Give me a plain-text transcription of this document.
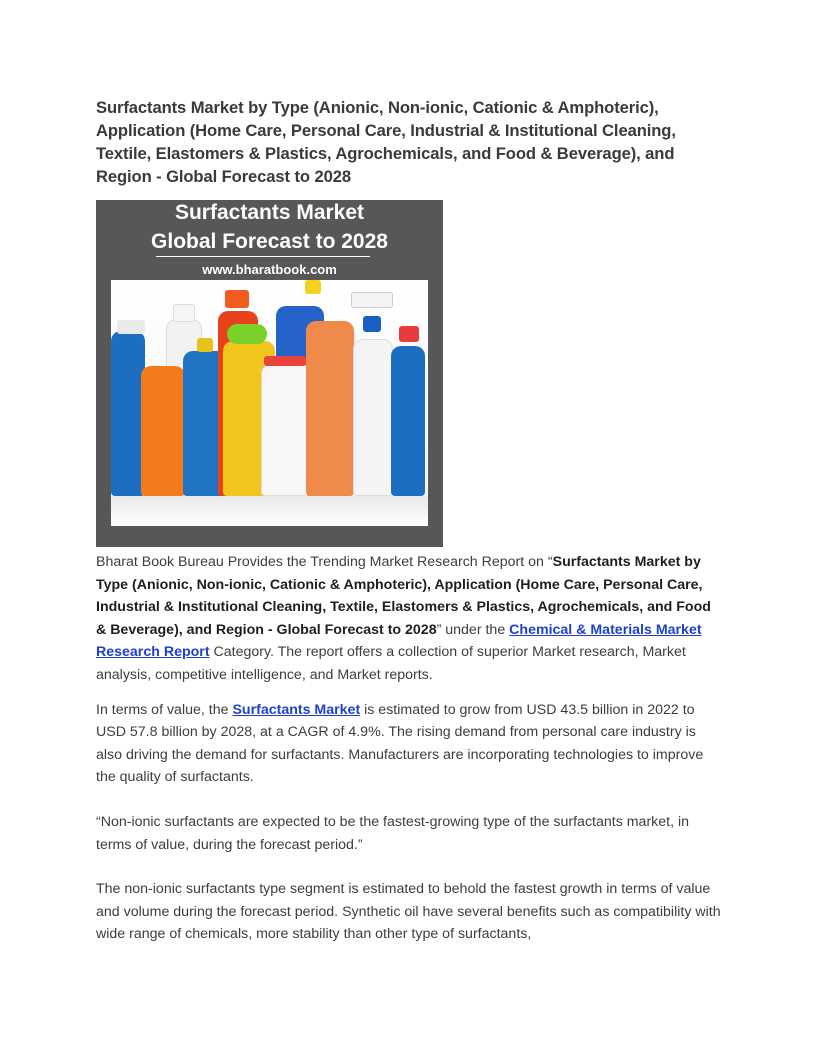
Surfactants Market by Type (Anionic, Non-ionic, Cationic & Amphoteric), Application (Home Care, Personal Care, Industrial & Institutional Cleaning, Textile, Elastomers & Plastics, Agrochemicals, and Food & Beverage), and Region - Global Forecast to 2028
Surfactants Market
Global Forecast to 2028
www.bharatbook.com

Bharat Book Bureau Provides the Trending Market Research Report on “Surfactants Market by Type (Anionic, Non-ionic, Cationic & Amphoteric), Application (Home Care, Personal Care, Industrial & Institutional Cleaning, Textile, Elastomers & Plastics, Agrochemicals, and Food & Beverage), and Region - Global Forecast to 2028” under the Chemical & Materials Market Research Report Category. The report offers a collection of superior Market research, Market analysis, competitive intelligence, and Market reports.

In terms of value, the Surfactants Market is estimated to grow from USD 43.5 billion in 2022 to USD 57.8 billion by 2028, at a CAGR of 4.9%. The rising demand from personal care industry is also driving the demand for surfactants. Manufacturers are incorporating technologies to improve the quality of surfactants.

“Non-ionic surfactants are expected to be the fastest-growing type of the surfactants market, in terms of value, during the forecast period.”

The non-ionic surfactants type segment is estimated to behold the fastest growth in terms of value and volume during the forecast period. Synthetic oil have several benefits such as compatibility with wide range of chemicals, more stability than other type of surfactants,
